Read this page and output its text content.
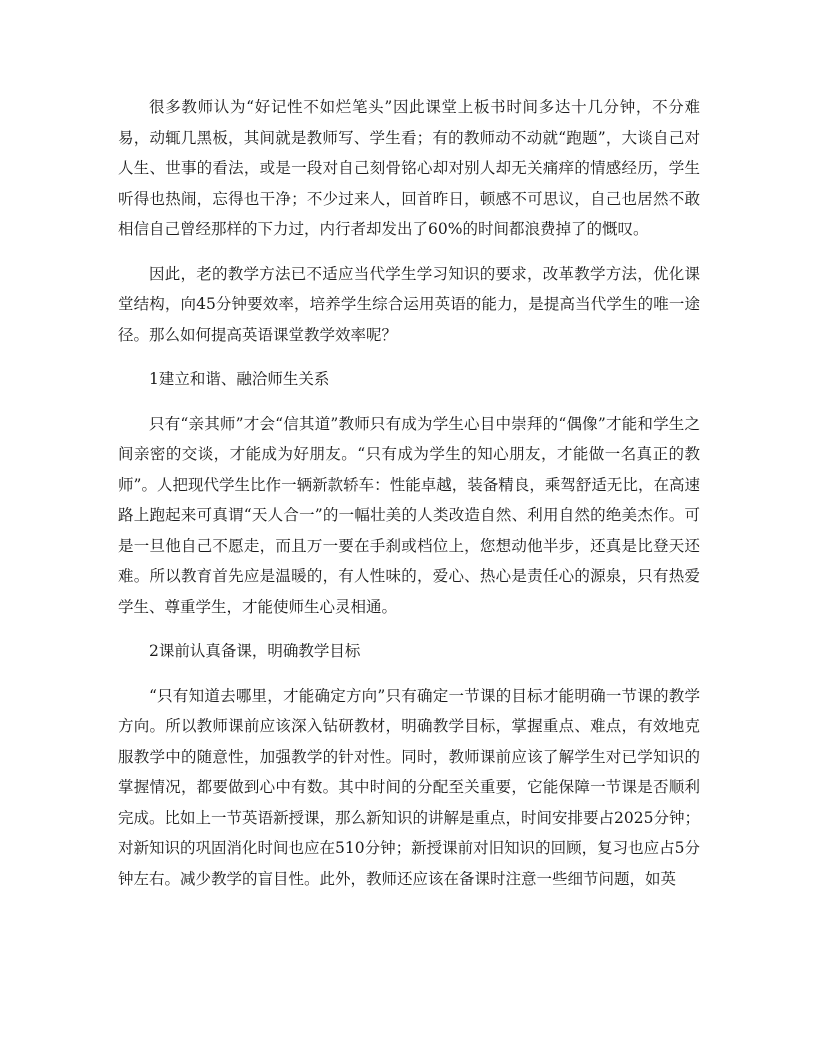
很多教师认为“好记性不如烂笔头”因此课堂上板书时间多达十几分钟，不分难易，动辄几黑板，其间就是教师写、学生看；有的教师动不动就“跑题”，大谈自己对人生、世事的看法，或是一段对自己刻骨铭心却对别人却无关痛痒的情感经历，学生听得也热闹，忘得也干净；不少过来人，回首昨日，顿感不可思议，自己也居然不敢相信自己曾经那样的下力过，内行者却发出了60%的时间都浪费掉了的慨叹。

因此，老的教学方法已不适应当代学生学习知识的要求，改革教学方法，优化课堂结构，向45分钟要效率，培养学生综合运用英语的能力，是提高当代学生的唯一途径。那么如何提高英语课堂教学效率呢？

1建立和谐、融洽师生关系

只有“亲其师”才会“信其道”教师只有成为学生心目中崇拜的“偶像”才能和学生之间亲密的交谈，才能成为好朋友。“只有成为学生的知心朋友，才能做一名真正的教师”。人把现代学生比作一辆新款轿车：性能卓越，装备精良，乘驾舒适无比，在高速路上跑起来可真谓“天人合一”的一幅壮美的人类改造自然、利用自然的绝美杰作。可是一旦他自己不愿走，而且万一要在手刹或档位上，您想动他半步，还真是比登天还难。所以教育首先应是温暖的，有人性味的，爱心、热心是责任心的源泉，只有热爱学生、尊重学生，才能使师生心灵相通。

2课前认真备课，明确教学目标

“只有知道去哪里，才能确定方向”只有确定一节课的目标才能明确一节课的教学方向。所以教师课前应该深入钻研教材，明确教学目标，掌握重点、难点，有效地克服教学中的随意性，加强教学的针对性。同时，教师课前应该了解学生对已学知识的掌握情况，都要做到心中有数。其中时间的分配至关重要，它能保障一节课是否顺利完成。比如上一节英语新授课，那么新知识的讲解是重点，时间安排要占2025分钟；对新知识的巩固消化时间也应在510分钟；新授课前对旧知识的回顾，复习也应占5分钟左右。减少教学的盲目性。此外，教师还应该在备课时注意一些细节问题，如英
